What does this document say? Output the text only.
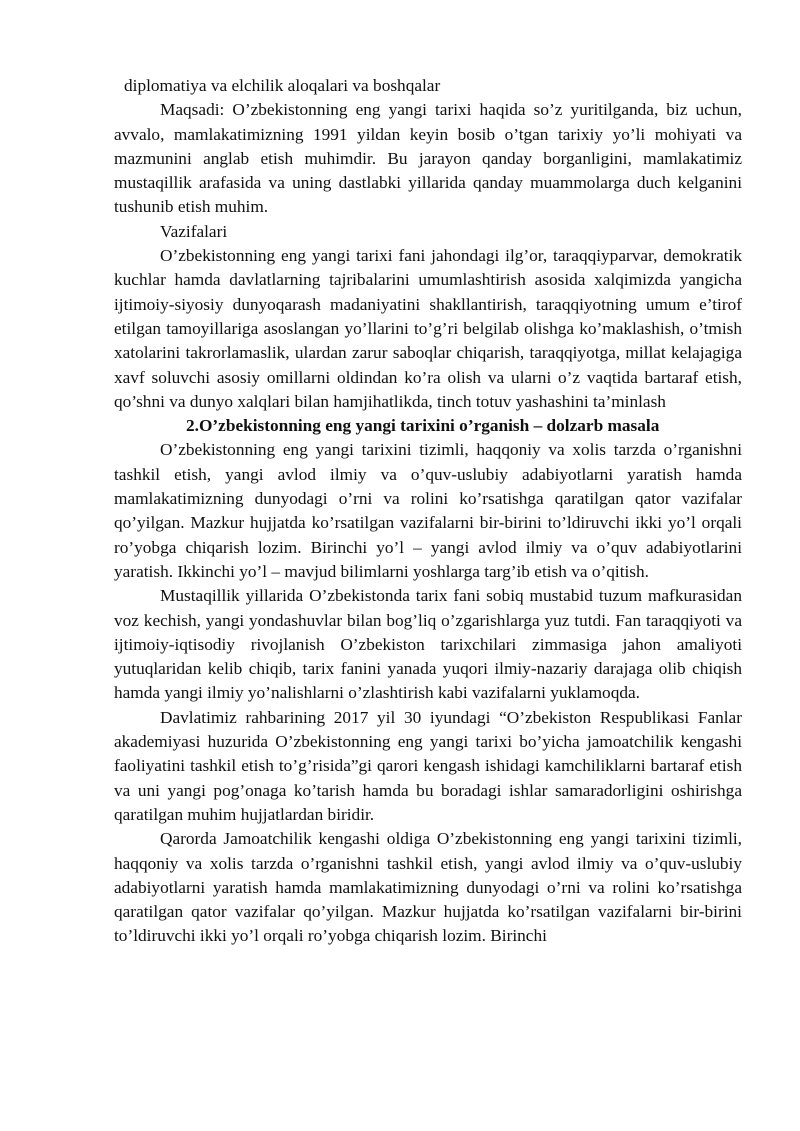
diplomatiya va elchilik aloqalari va boshqalar

Maqsadi: O’zbekistonning eng yangi tarixi haqida so’z yuritilganda, biz uchun, avvalo, mamlakatimizning 1991 yildan keyin bosib o’tgan tarixiy yo’li mohiyati va mazmunini anglab etish muhimdir. Bu jarayon qanday borganligini, mamlakatimiz mustaqillik arafasida va uning dastlabki yillarida qanday muammolarga duch kelganini tushunib etish muhim.

Vazifalari

O’zbekistonning eng yangi tarixi fani jahondagi ilg’or, taraqqiyparvar, demokratik kuchlar hamda davlatlarning tajribalarini umumlashtirish asosida xalqimizda yangicha ijtimoiy-siyosiy dunyoqarash madaniyatini shakllantirish, taraqqiyotning umum e’tirof etilgan tamoyillariga asoslangan yo’llarini to’g’ri belgilab olishga ko’maklashish, o’tmish xatolarini takrorlamaslik, ulardan zarur saboqlar chiqarish, taraqqiyotga, millat kelajagiga xavf soluvchi asosiy omillarni oldindan ko’ra olish va ularni o’z vaqtida bartaraf etish, qo’shni va dunyo xalqlari bilan hamjihatlikda, tinch totuv yashashini ta’minlash

2.O’zbekistonning eng yangi tarixini o’rganish – dolzarb masala

O’zbekistonning eng yangi tarixini tizimli, haqqoniy va xolis tarzda o’rganishni tashkil etish, yangi avlod ilmiy va o’quv-uslubiy adabiyotlarni yaratish hamda mamlakatimizning dunyodagi o’rni va rolini ko’rsatishga qaratilgan qator vazifalar qo’yilgan. Mazkur hujjatda ko’rsatilgan vazifalarni bir-birini to’ldiruvchi ikki yo’l orqali ro’yobga chiqarish lozim. Birinchi yo’l – yangi avlod ilmiy va o’quv adabiyotlarini yaratish. Ikkinchi yo’l – mavjud bilimlarni yoshlarga targ’ib etish va o’qitish.

Mustaqillik yillarida O’zbekistonda tarix fani sobiq mustabid tuzum mafkurasidan voz kechish, yangi yondashuvlar bilan bog’liq o’zgarishlarga yuz tutdi. Fan taraqqiyoti va ijtimoiy-iqtisodiy rivojlanish O’zbekiston tarixchilari zimmasiga jahon amaliyoti yutuqlaridan kelib chiqib, tarix fanini yanada yuqori ilmiy-nazariy darajaga olib chiqish hamda yangi ilmiy yo’nalishlarni o’zlashtirish kabi vazifalarni yuklamoqda.

Davlatimiz rahbarining 2017 yil 30 iyundagi “O’zbekiston Respublikasi Fanlar akademiyasi huzurida O’zbekistonning eng yangi tarixi bo’yicha jamoatchilik kengashi faoliyatini tashkil etish to’g’risida”gi qarori kengash ishidagi kamchiliklarni bartaraf etish va uni yangi pog’onaga ko’tarish hamda bu boradagi ishlar samaradorligini oshirishga qaratilgan muhim hujjatlardan biridir.

Qarorda Jamoatchilik kengashi oldiga O’zbekistonning eng yangi tarixini tizimli, haqqoniy va xolis tarzda o’rganishni tashkil etish, yangi avlod ilmiy va o’quv-uslubiy adabiyotlarni yaratish hamda mamlakatimizning dunyodagi o’rni va rolini ko’rsatishga qaratilgan qator vazifalar qo’yilgan. Mazkur hujjatda ko’rsatilgan vazifalarni bir-birini to’ldiruvchi ikki yo’l orqali ro’yobga chiqarish lozim. Birinchi
